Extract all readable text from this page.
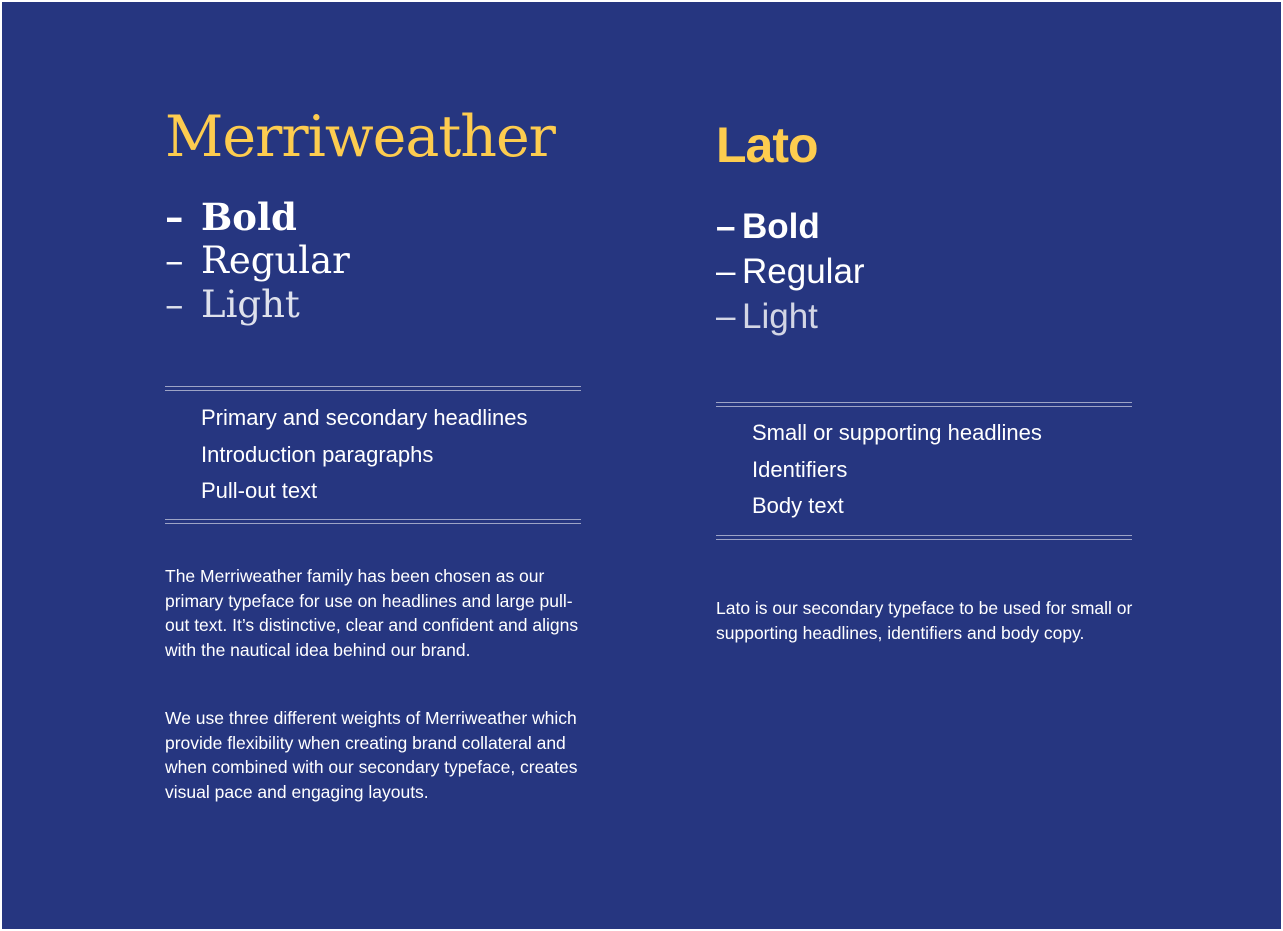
Merriweather
– Bold
– Regular
– Light
Primary and secondary headlines
Introduction paragraphs
Pull-out text

The Merriweather family has been chosen as our primary typeface for use on headlines and large pull-out text. It’s distinctive, clear and confident and aligns with the nautical idea behind our brand.

We use three different weights of Merriweather which provide flexibility when creating brand collateral and when combined with our secondary typeface, creates visual pace and engaging layouts.

Lato
– Bold
– Regular
– Light
Small or supporting headlines
Identifiers
Body text

Lato is our secondary typeface to be used for small or supporting headlines, identifiers and body copy.
